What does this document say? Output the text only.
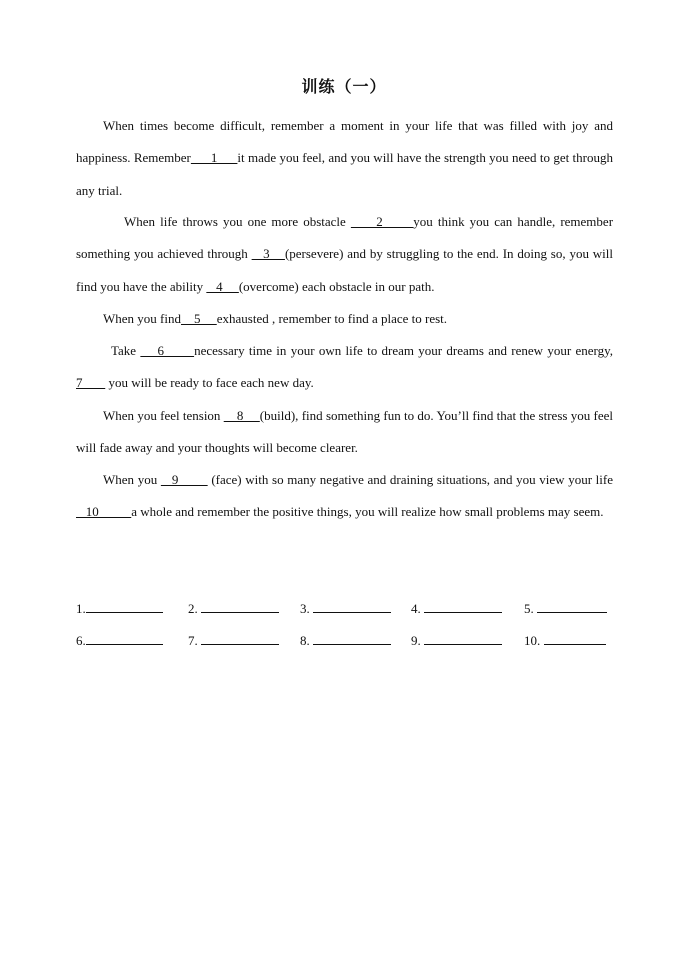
训练（一）

When times become difficult, remember a moment in your life that was filled with joy and happiness. Remember      1      it made you feel, and you will have the strength you need to get through any trial.

When life throws you one more obstacle      2      you think you can handle, remember something you achieved through    3    (persevere) and by struggling to the end. In doing so, you will find you have the ability    4     (overcome) each obstacle in our path.

When you find    5     exhausted , remember to find a place to rest.

Take     6       necessary time in your own life to dream your dreams and renew your energy, 7        you will be ready to face each new day.

When you feel tension     8     (build), find something fun to do. You’ll find that the stress you feel will fade away and your thoughts will become clearer.

When you    9         (face) with so many negative and draining situations, and you view your life    10          a whole and remember the positive things, you will realize how small problems may seem.

1.	2.	3.	4.	5.
6.	7.	8.	9.	10.
